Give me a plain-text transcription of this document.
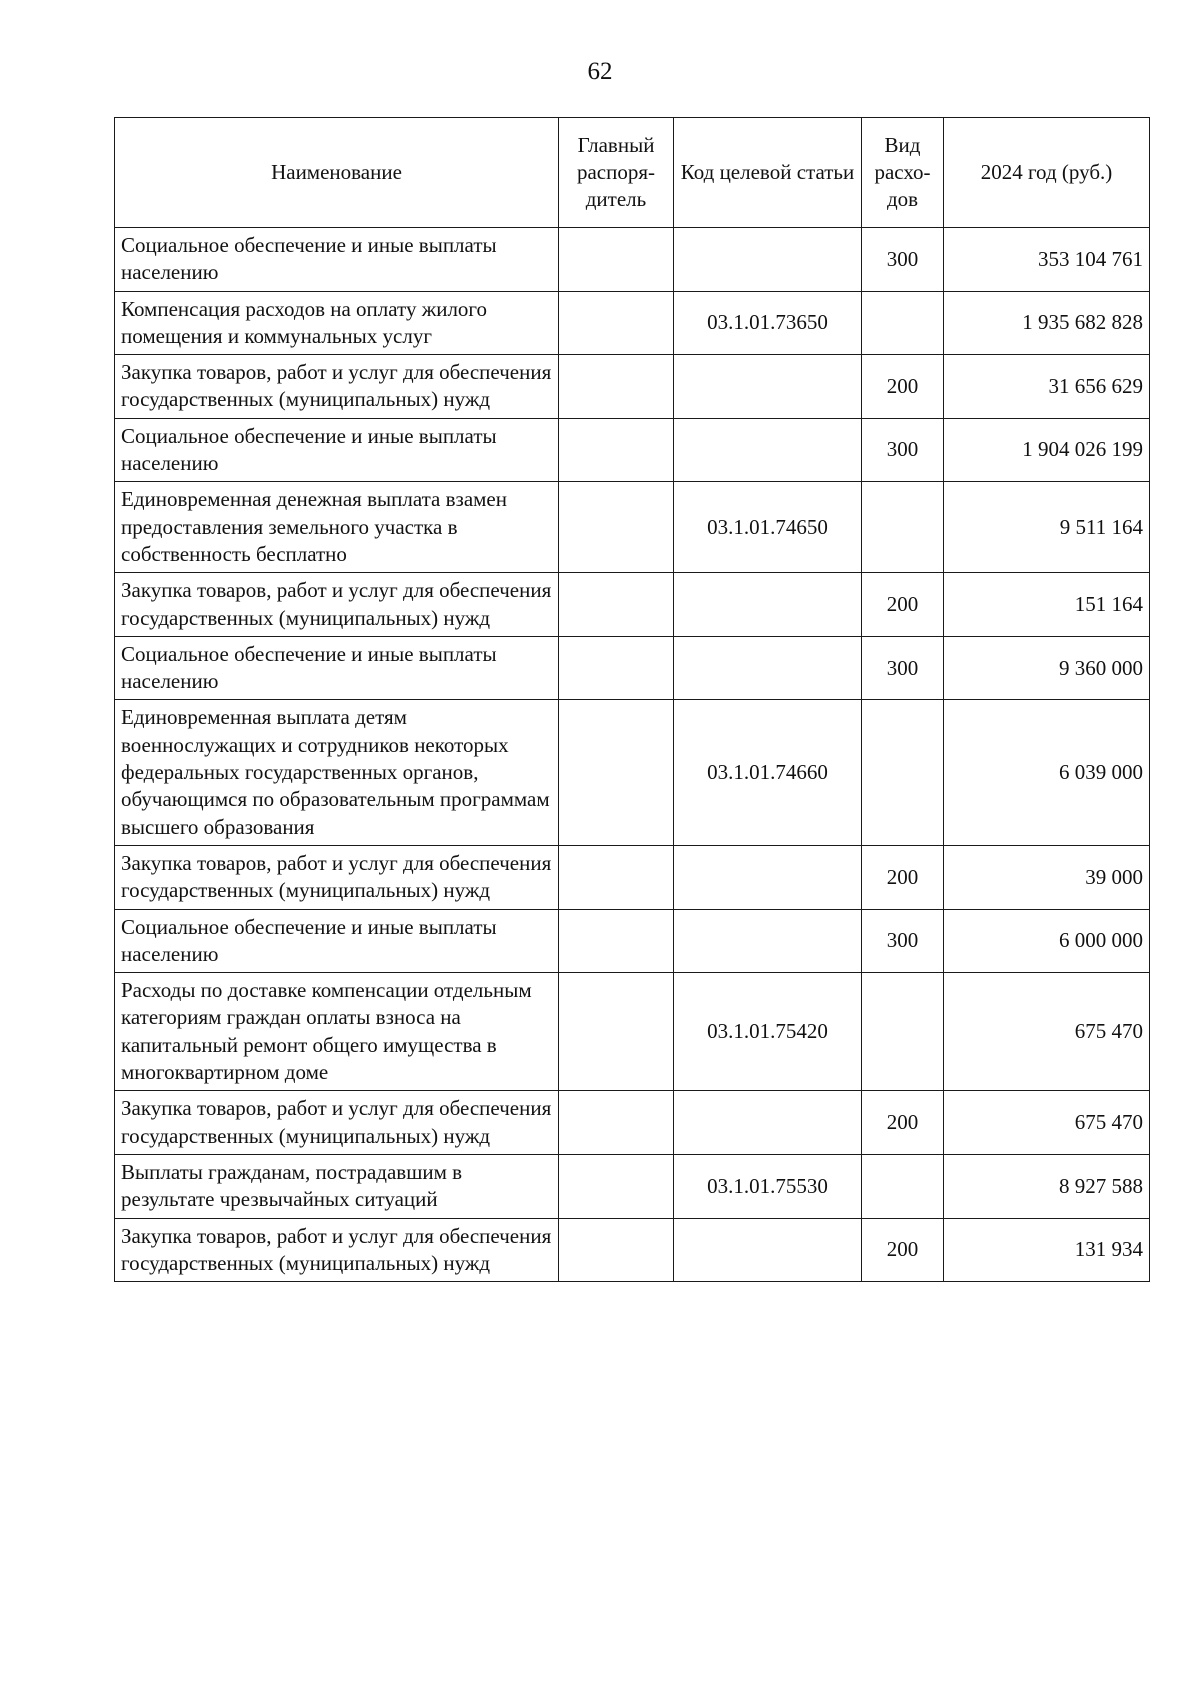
62
Наименование	Главный распоря-дитель	Код целевой статьи	Вид расхо-дов	2024 год (руб.)
Социальное обеспечение и иные выплаты населению			300	353 104 761
Компенсация расходов на оплату жилого помещения и коммунальных услуг		03.1.01.73650		1 935 682 828
Закупка товаров, работ и услуг для обеспечения государственных (муниципальных) нужд			200	31 656 629
Социальное обеспечение и иные выплаты населению			300	1 904 026 199
Единовременная денежная выплата взамен предоставления земельного участка в собственность бесплатно		03.1.01.74650		9 511 164
Закупка товаров, работ и услуг для обеспечения государственных (муниципальных) нужд			200	151 164
Социальное обеспечение и иные выплаты населению			300	9 360 000
Единовременная выплата детям военнослужащих и сотрудников некоторых федеральных государственных органов, обучающимся по образовательным программам высшего образования		03.1.01.74660		6 039 000
Закупка товаров, работ и услуг для обеспечения государственных (муниципальных) нужд			200	39 000
Социальное обеспечение и иные выплаты населению			300	6 000 000
Расходы по доставке компенсации отдельным категориям граждан оплаты взноса на капитальный ремонт общего имущества в многоквартирном доме		03.1.01.75420		675 470
Закупка товаров, работ и услуг для обеспечения государственных (муниципальных) нужд			200	675 470
Выплаты гражданам, пострадавшим в результате чрезвычайных ситуаций		03.1.01.75530		8 927 588
Закупка товаров, работ и услуг для обеспечения государственных (муниципальных) нужд			200	131 934
